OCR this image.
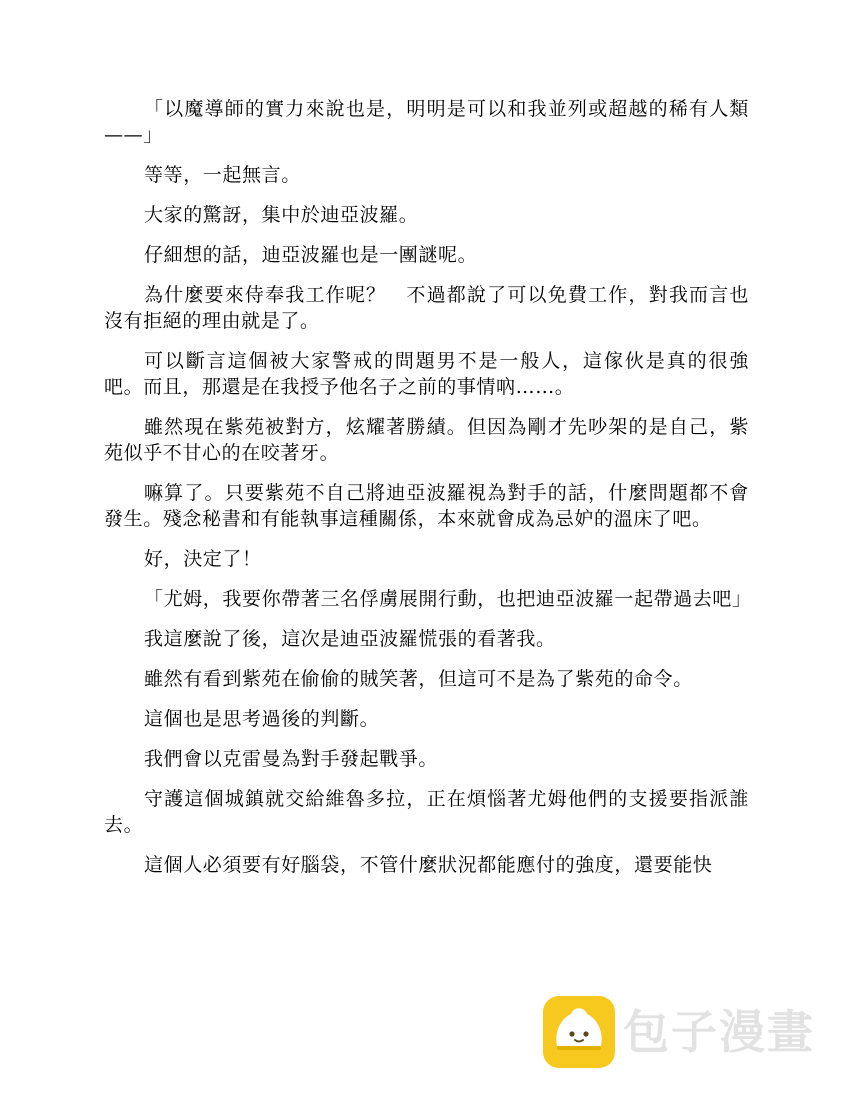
「以魔導師的實力來說也是，明明是可以和我並列或超越的稀有人類——」

等等，一起無言。

大家的驚訝，集中於迪亞波羅。

仔細想的話，迪亞波羅也是一團謎呢。

為什麼要來侍奉我工作呢？　不過都說了可以免費工作，對我而言也沒有拒絕的理由就是了。

可以斷言這個被大家警戒的問題男不是一般人，這傢伙是真的很強吧。而且，那還是在我授予他名子之前的事情吶……。

雖然現在紫苑被對方，炫耀著勝績。但因為剛才先吵架的是自己，紫苑似乎不甘心的在咬著牙。

嘛算了。只要紫苑不自己將迪亞波羅視為對手的話，什麼問題都不會發生。殘念秘書和有能執事這種關係，本來就會成為忌妒的溫床了吧。

好，決定了！

「尤姆，我要你帶著三名俘虜展開行動，也把迪亞波羅一起帶過去吧」

我這麼說了後，這次是迪亞波羅慌張的看著我。

雖然有看到紫苑在偷偷的賊笑著，但這可不是為了紫苑的命令。

這個也是思考過後的判斷。

我們會以克雷曼為對手發起戰爭。

守護這個城鎮就交給維魯多拉，正在煩惱著尤姆他們的支援要指派誰去。

這個人必須要有好腦袋，不管什麼狀況都能應付的強度，還要能快

包子漫畫
